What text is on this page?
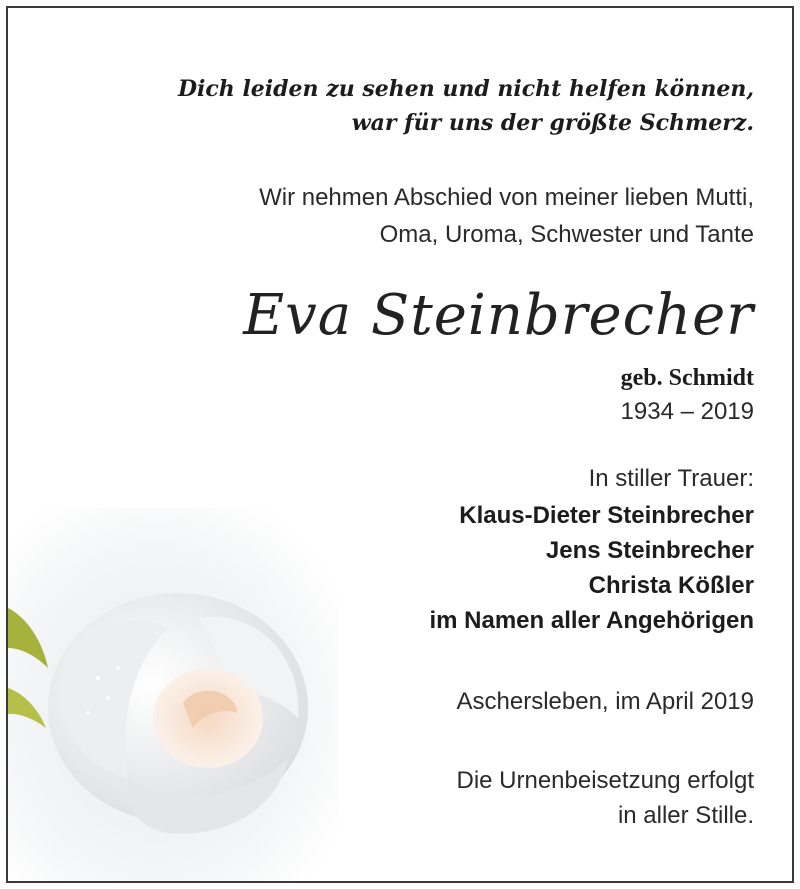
Dich leiden zu sehen und nicht helfen können,
war für uns der größte Schmerz.
Wir nehmen Abschied von meiner lieben Mutti,
Oma, Uroma, Schwester und Tante
Eva Steinbrecher
geb. Schmidt
1934 – 2019
In stiller Trauer:
Klaus-Dieter Steinbrecher
Jens Steinbrecher
Christa Kößler
im Namen aller Angehörigen
Aschersleben, im April 2019
Die Urnenbeisetzung erfolgt
in aller Stille.
